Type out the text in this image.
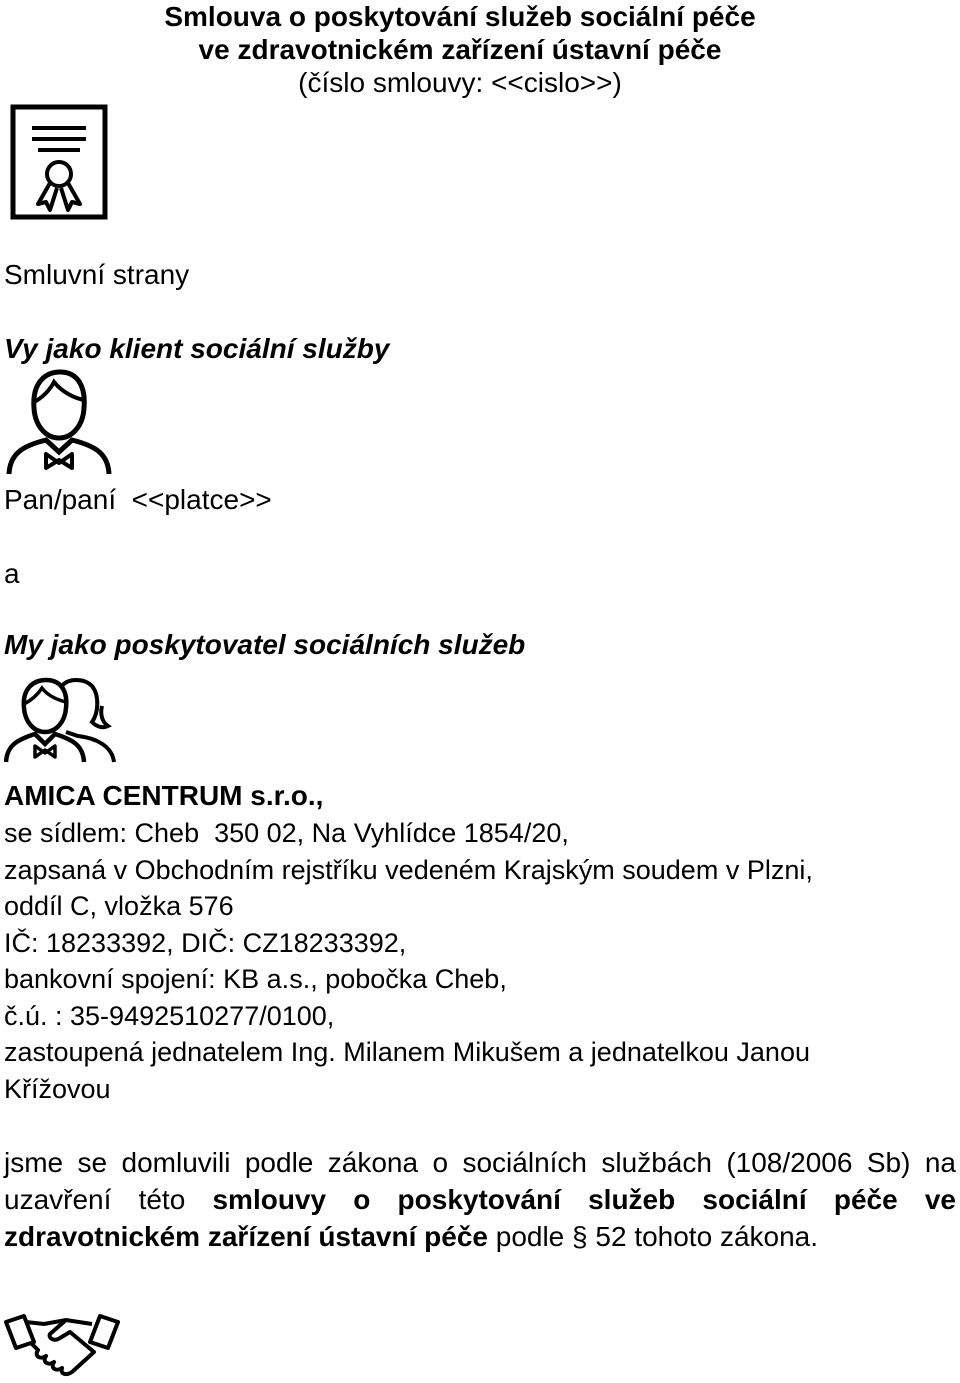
Smlouva o poskytování služeb sociální péče
ve zdravotnickém zařízení ústavní péče
(číslo smlouvy: <<cislo>>)
Smluvní strany
Vy jako klient sociální služby
Pan/paní  <<platce>>
a
My jako poskytovatel sociálních služeb
AMICA CENTRUM s.r.o.,
se sídlem: Cheb  350 02, Na Vyhlídce 1854/20,
zapsaná v Obchodním rejstříku vedeném Krajským soudem v Plzni,
oddíl C, vložka 576
IČ: 18233392, DIČ: CZ18233392,
bankovní spojení: KB a.s., pobočka Cheb,
č.ú. : 35-9492510277/0100,
zastoupená jednatelem Ing. Milanem Mikušem a jednatelkou Janou
Křížovou
jsme se domluvili podle zákona o sociálních službách (108/2006 Sb) na uzavření této smlouvy o poskytování služeb sociální péče ve zdravotnickém zařízení ústavní péče podle § 52 tohoto zákona.
